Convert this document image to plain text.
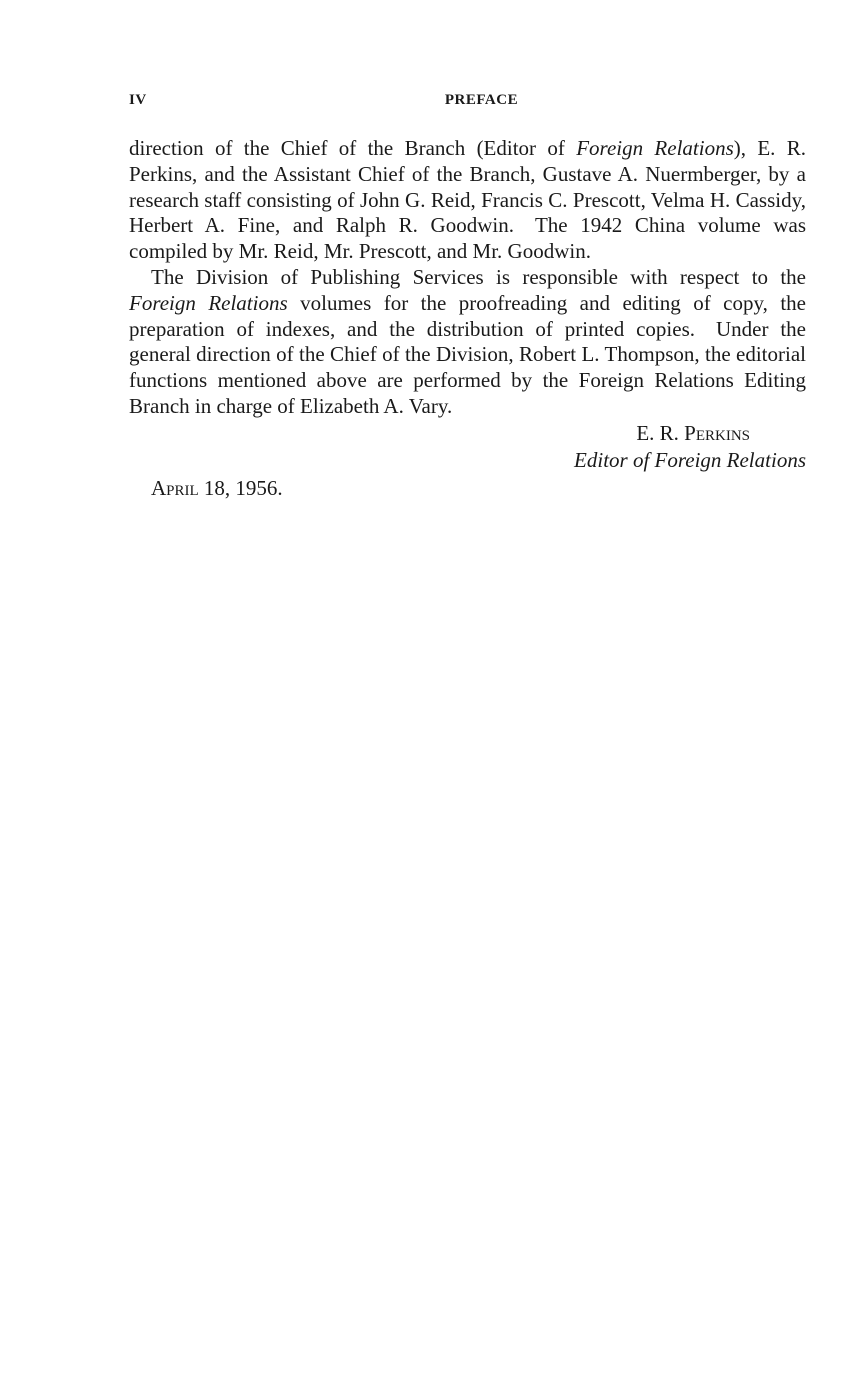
IV	PREFACE

direction of the Chief of the Branch (Editor of Foreign Relations), E. R. Perkins, and the Assistant Chief of the Branch, Gustave A. Nuermberger, by a research staff consisting of John G. Reid, Francis C. Prescott, Velma H. Cassidy, Herbert A. Fine, and Ralph R. Goodwin. The 1942 China volume was compiled by Mr. Reid, Mr. Prescott, and Mr. Goodwin.

The Division of Publishing Services is responsible with respect to the Foreign Relations volumes for the proofreading and editing of copy, the preparation of indexes, and the distribution of printed copies. Under the general direction of the Chief of the Division, Robert L. Thompson, the editorial functions mentioned above are performed by the Foreign Relations Editing Branch in charge of Elizabeth A. Vary.

E. R. Perkins
Editor of Foreign Relations
April 18, 1956.
